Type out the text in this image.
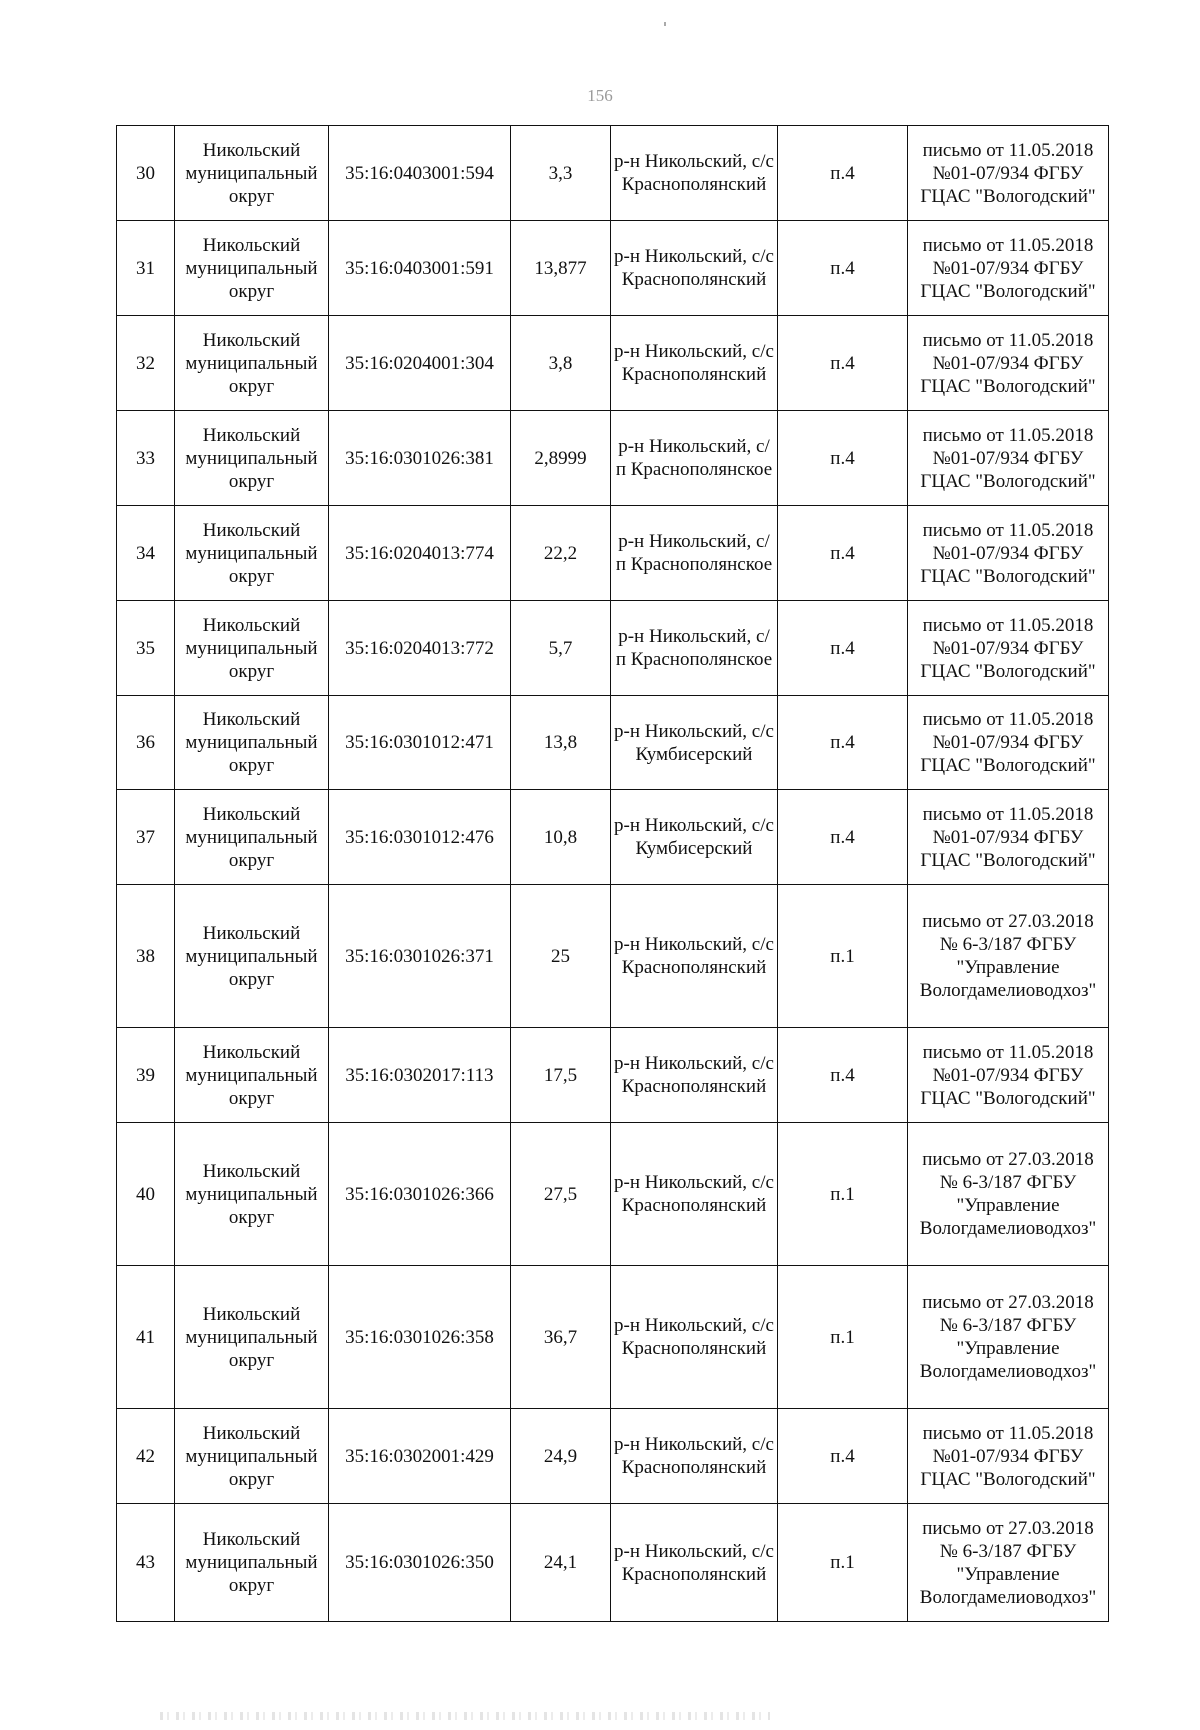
156
30	Никольский муниципальный округ	35:16:0403001:594	3,3	р-н Никольский, с/с Краснополянский	п.4	письмо от 11.05.2018 №01-07/934 ФГБУ ГЦАС "Вологодский"
31	Никольский муниципальный округ	35:16:0403001:591	13,877	р-н Никольский, с/с Краснополянский	п.4	письмо от 11.05.2018 №01-07/934 ФГБУ ГЦАС "Вологодский"
32	Никольский муниципальный округ	35:16:0204001:304	3,8	р-н Никольский, с/с Краснополянский	п.4	письмо от 11.05.2018 №01-07/934 ФГБУ ГЦАС "Вологодский"
33	Никольский муниципальный округ	35:16:0301026:381	2,8999	р-н Никольский, с/п Краснополянское	п.4	письмо от 11.05.2018 №01-07/934 ФГБУ ГЦАС "Вологодский"
34	Никольский муниципальный округ	35:16:0204013:774	22,2	р-н Никольский, с/п Краснополянское	п.4	письмо от 11.05.2018 №01-07/934 ФГБУ ГЦАС "Вологодский"
35	Никольский муниципальный округ	35:16:0204013:772	5,7	р-н Никольский, с/п Краснополянское	п.4	письмо от 11.05.2018 №01-07/934 ФГБУ ГЦАС "Вологодский"
36	Никольский муниципальный округ	35:16:0301012:471	13,8	р-н Никольский, с/с Кумбисерский	п.4	письмо от 11.05.2018 №01-07/934 ФГБУ ГЦАС "Вологодский"
37	Никольский муниципальный округ	35:16:0301012:476	10,8	р-н Никольский, с/с Кумбисерский	п.4	письмо от 11.05.2018 №01-07/934 ФГБУ ГЦАС "Вологодский"
38	Никольский муниципальный округ	35:16:0301026:371	25	р-н Никольский, с/с Краснополянский	п.1	письмо от 27.03.2018 № 6-3/187 ФГБУ "Управление Вологдамелиоводхоз"
39	Никольский муниципальный округ	35:16:0302017:113	17,5	р-н Никольский, с/с Краснополянский	п.4	письмо от 11.05.2018 №01-07/934 ФГБУ ГЦАС "Вологодский"
40	Никольский муниципальный округ	35:16:0301026:366	27,5	р-н Никольский, с/с Краснополянский	п.1	письмо от 27.03.2018 № 6-3/187 ФГБУ "Управление Вологдамелиоводхоз"
41	Никольский муниципальный округ	35:16:0301026:358	36,7	р-н Никольский, с/с Краснополянский	п.1	письмо от 27.03.2018 № 6-3/187 ФГБУ "Управление Вологдамелиоводхоз"
42	Никольский муниципальный округ	35:16:0302001:429	24,9	р-н Никольский, с/с Краснополянский	п.4	письмо от 11.05.2018 №01-07/934 ФГБУ ГЦАС "Вологодский"
43	Никольский муниципальный округ	35:16:0301026:350	24,1	р-н Никольский, с/с Краснополянский	п.1	письмо от 27.03.2018 № 6-3/187 ФГБУ "Управление Вологдамелиоводхоз"
